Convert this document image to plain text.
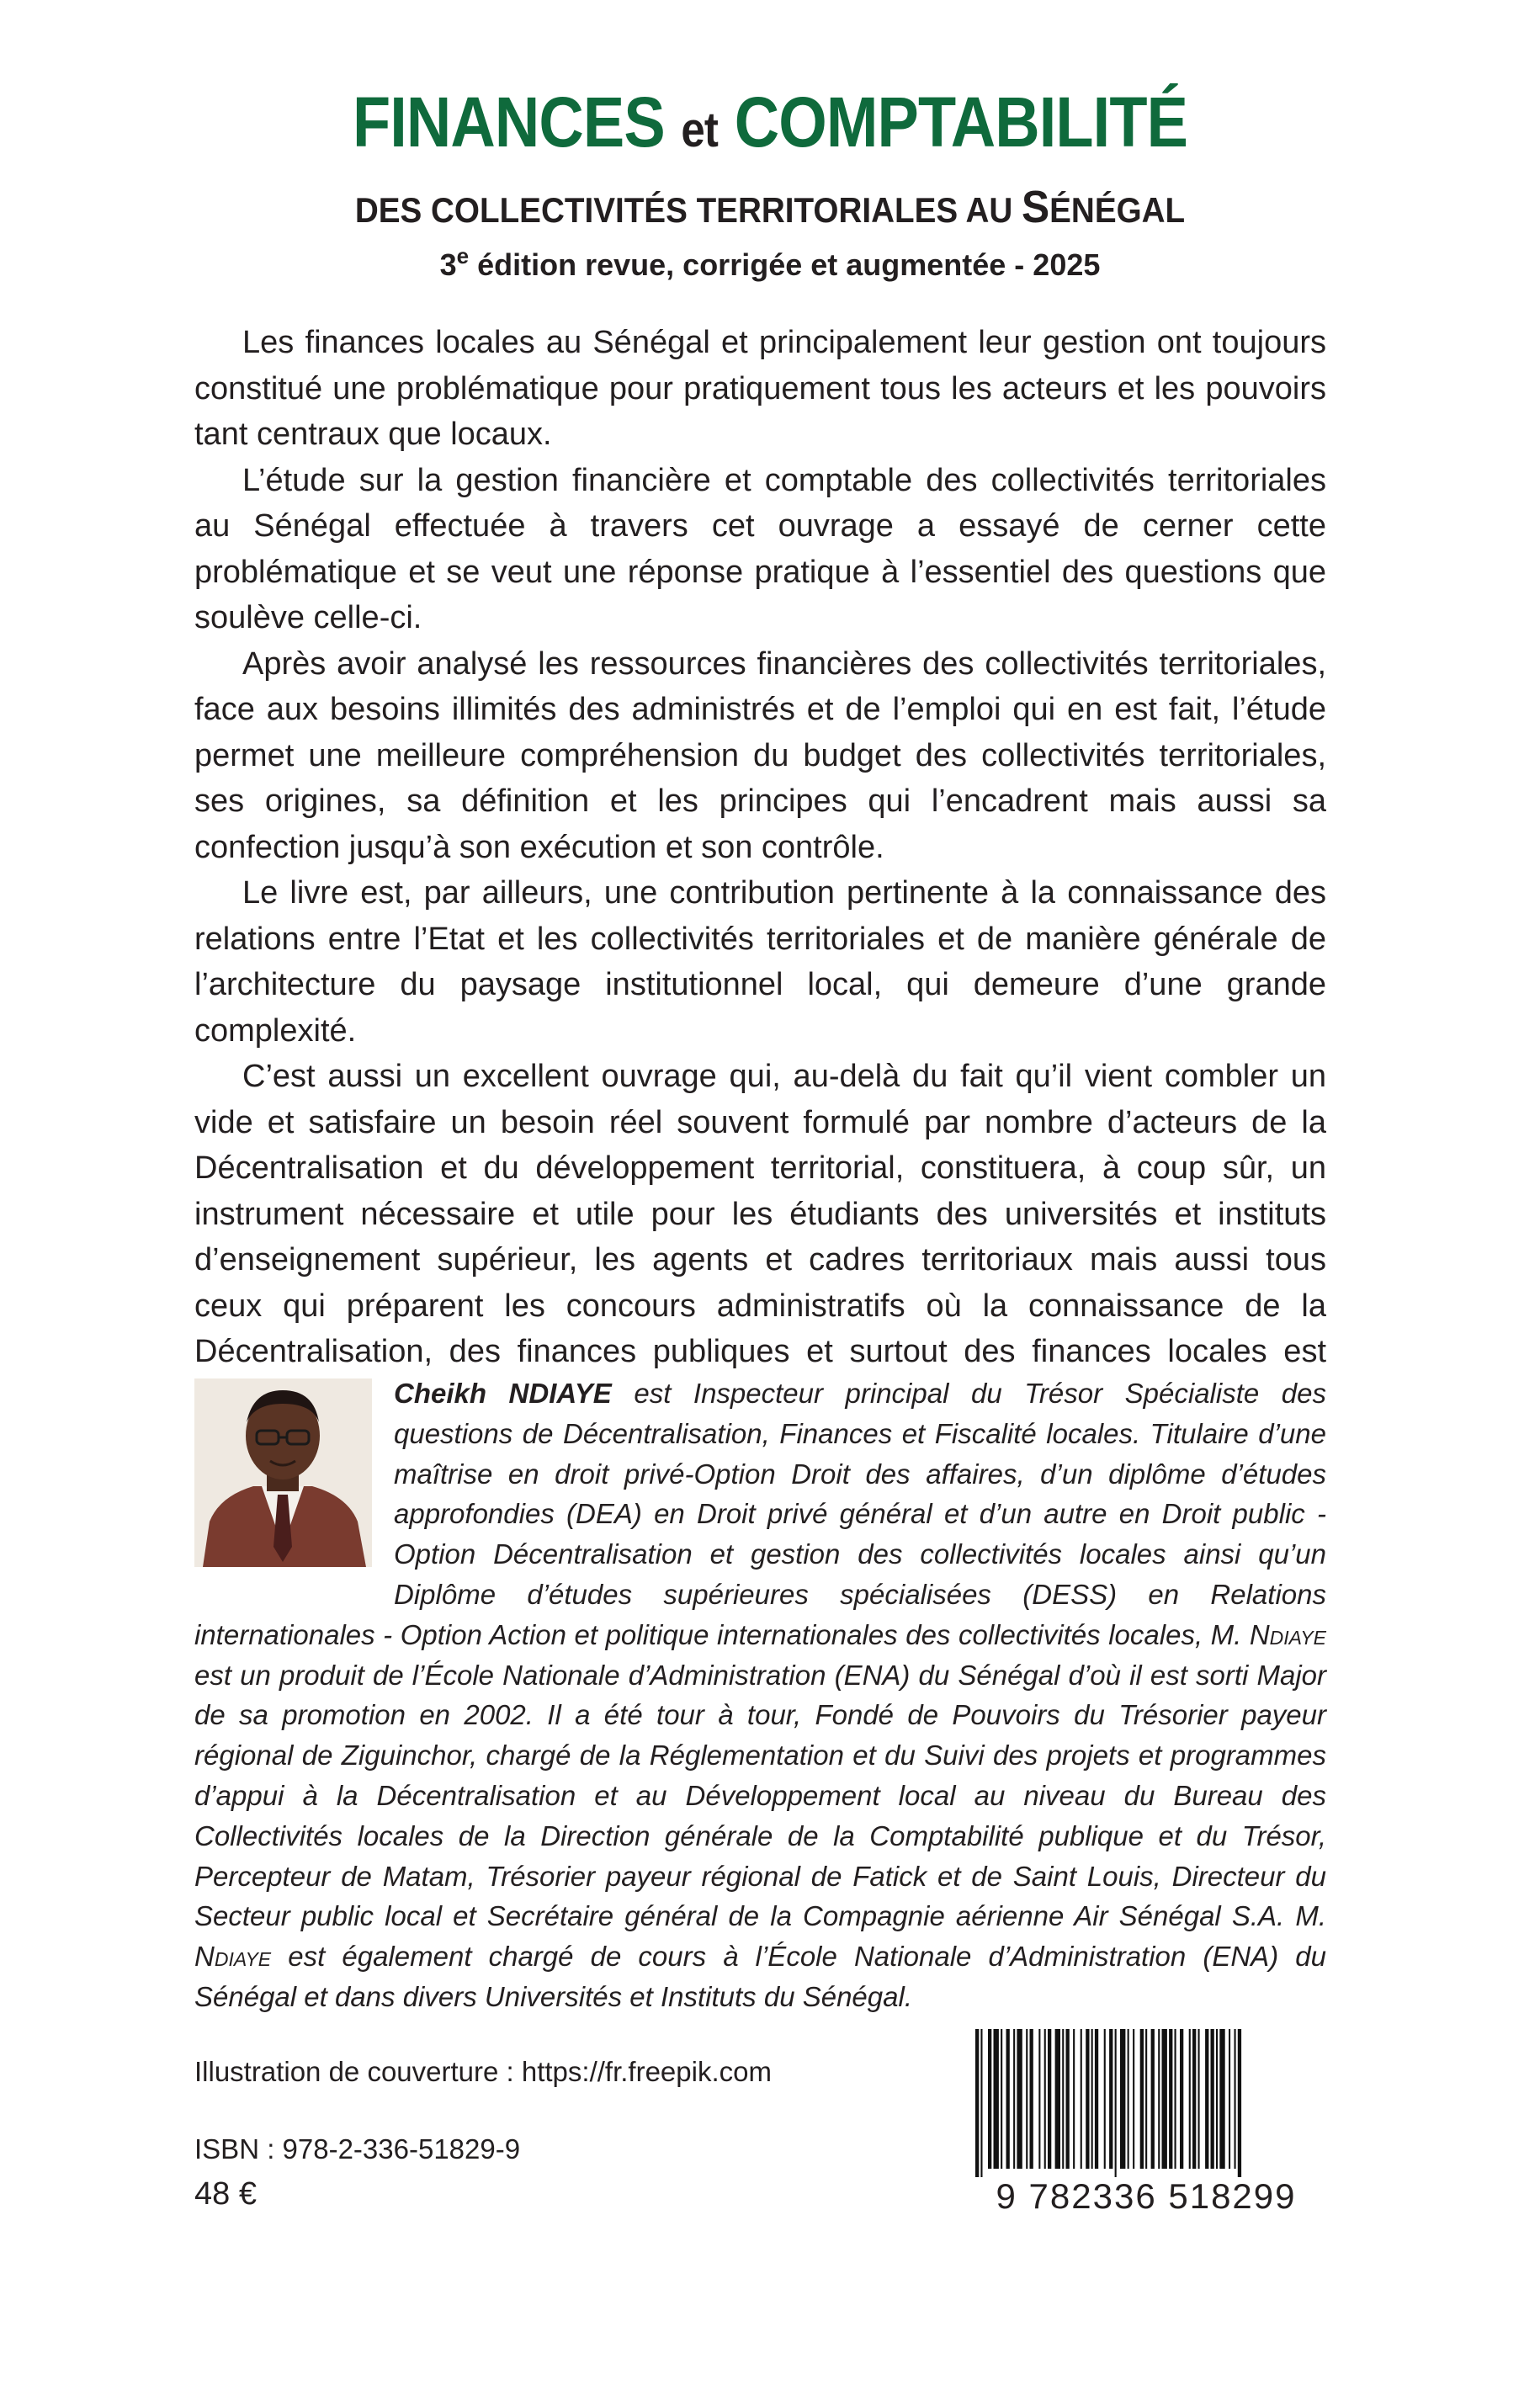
FINANCES et COMPTABILITÉ
DES COLLECTIVITÉS TERRITORIALES AU SÉNÉGAL
3e édition revue, corrigée et augmentée - 2025

Les finances locales au Sénégal et principalement leur gestion ont toujours constitué une problématique pour pratiquement tous les acteurs et les pouvoirs tant centraux que locaux.

L’étude sur la gestion financière et comptable des collectivités territoriales au Sénégal effectuée à travers cet ouvrage a essayé de cerner cette problématique et se veut une réponse pratique à l’essentiel des questions que soulève celle-ci.

Après avoir analysé les ressources financières des collectivités territoriales, face aux besoins illimités des administrés et de l’emploi qui en est fait, l’étude permet une meilleure compréhension du budget des collectivités territoriales, ses origines, sa définition et les principes qui l’encadrent mais aussi sa confection jusqu’à son exécution et son contrôle.

Le livre est, par ailleurs, une contribution pertinente à la connaissance des relations entre l’Etat et les collectivités territoriales et de manière générale de l’architecture du paysage institutionnel local, qui demeure d’une grande complexité.

C’est aussi un excellent ouvrage qui, au-delà du fait qu’il vient combler un vide et satisfaire un besoin réel souvent formulé par nombre d’acteurs de la Décentralisation et du développement territorial, constituera, à coup sûr, un instrument nécessaire et utile pour les étudiants des universités et instituts d’enseignement supérieur, les agents et cadres territoriaux mais aussi tous ceux qui préparent les concours administratifs où la connaissance de la Décentralisation, des finances publiques et surtout des finances locales est

Cheikh NDIAYE est Inspecteur principal du Trésor Spécialiste des questions de Décentralisation, Finances et Fiscalité locales. Titulaire d’une maîtrise en droit privé-Option Droit des affaires, d’un diplôme d’études approfondies (DEA) en Droit privé général et d’un autre en Droit public - Option Décentralisation et gestion des collectivités locales ainsi qu’un Diplôme d’études supérieures spécialisées (DESS) en Relations internationales - Option Action et politique internationales des collectivités locales, M. Ndiaye est un produit de l’École Nationale d’Administration (ENA) du Sénégal d’où il est sorti Major de sa promotion en 2002. Il a été tour à tour, Fondé de Pouvoirs du Trésorier payeur régional de Ziguinchor, chargé de la Réglementation et du Suivi des projets et programmes d’appui à la Décentralisation et au Développement local au niveau du Bureau des Collectivités locales de la Direction générale de la Comptabilité publique et du Trésor, Percepteur de Matam, Trésorier payeur régional de Fatick et de Saint Louis, Directeur du Secteur public local et Secrétaire général de la Compagnie aérienne Air Sénégal S.A. M. Ndiaye est également chargé de cours à l’École Nationale d’Administration (ENA) du Sénégal et dans divers Universités et Instituts du Sénégal.
Illustration de couverture : https://fr.freepik.com
ISBN : 978-2-336-51829-9
48 €	9 782336 518299
